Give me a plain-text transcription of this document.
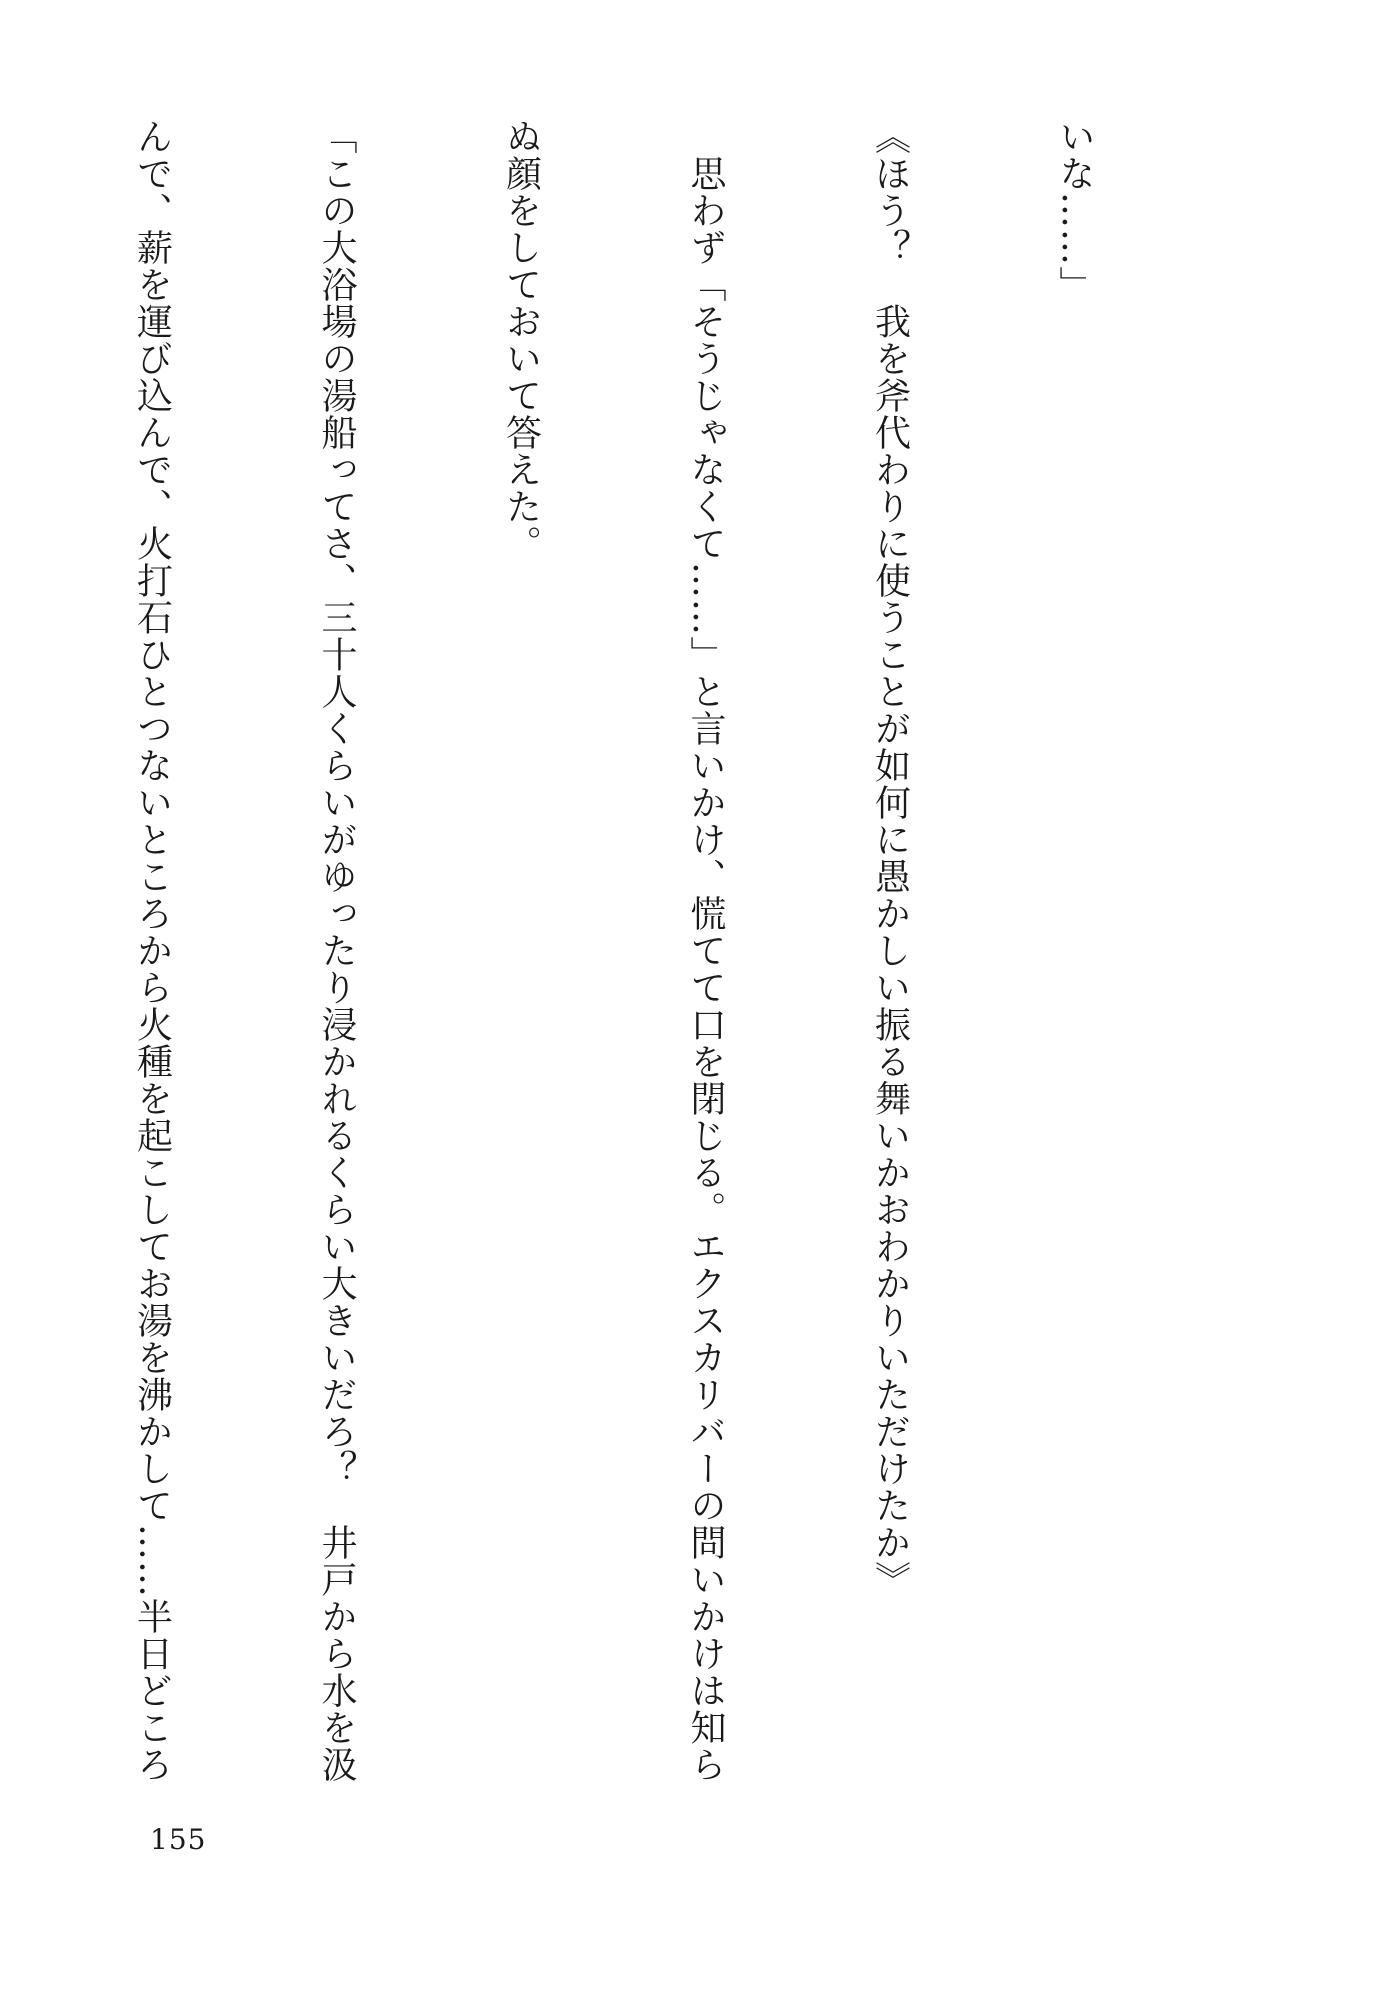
いな……」

《ほう？　我を斧代わりに使うことが如何に愚かしい振る舞いかおわかりいただけたか》

　思わず「そうじゃなくて……」と言いかけ、慌てて口を閉じる。エクスカリバーの問いかけは知ら

ぬ顔をしておいて答えた。

「この大浴場の湯船ってさ、三十人くらいがゆったり浸かれるくらい大きいだろ？　井戸から水を汲

んで、薪を運び込んで、火打石ひとつないところから火種を起こしてお湯を沸かして……半日どころ

155
